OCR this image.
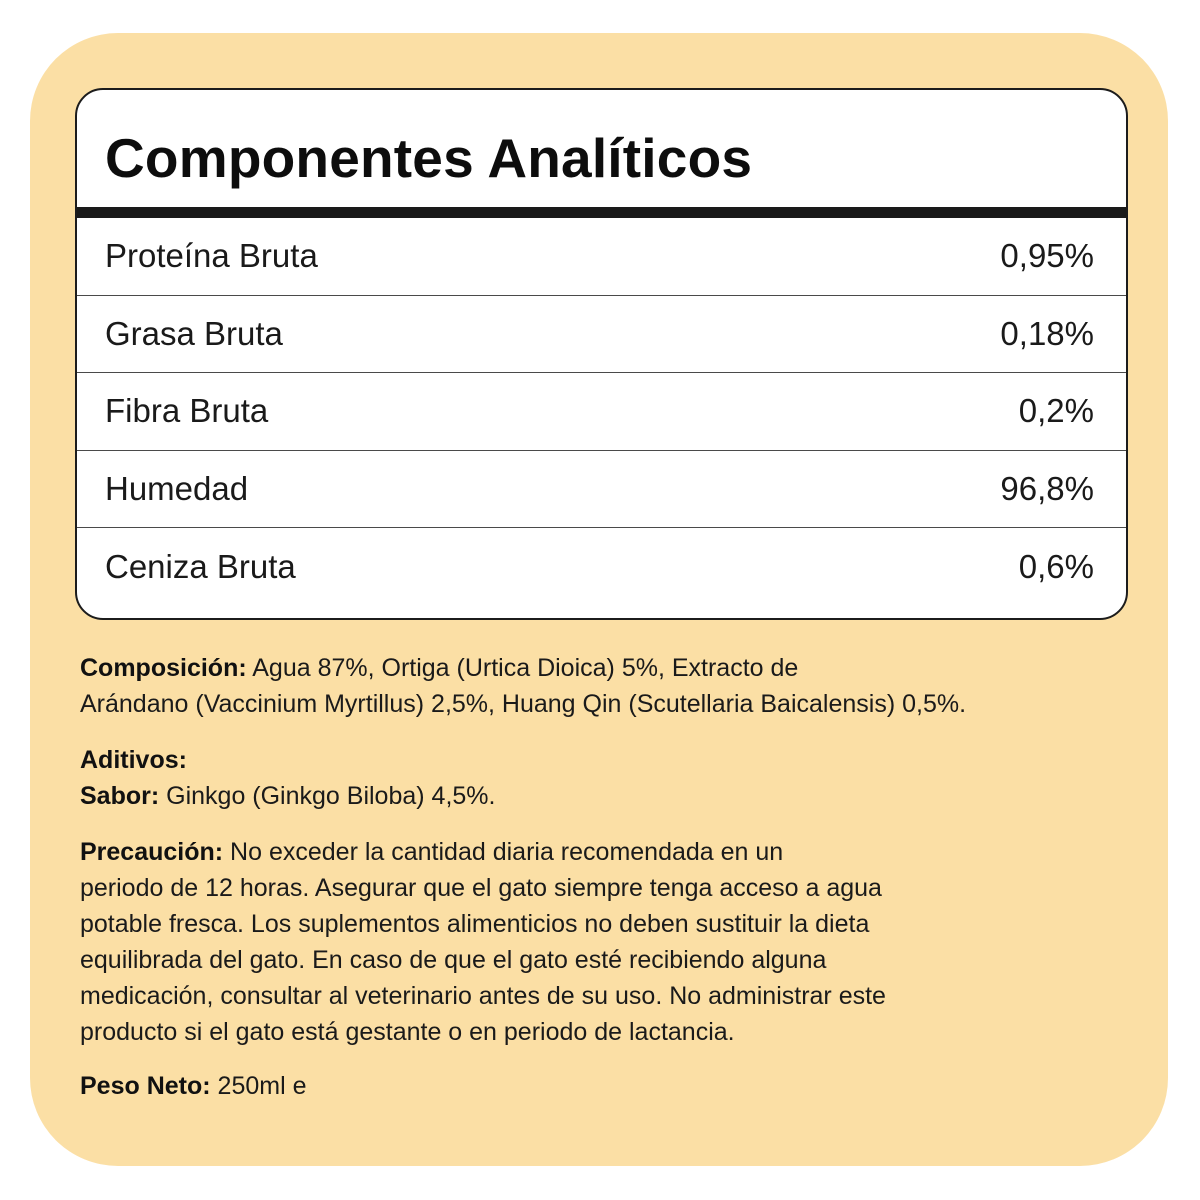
Componentes Analíticos
Proteína Bruta	0,95%
Grasa Bruta	0,18%
Fibra Bruta	0,2%
Humedad	96,8%
Ceniza Bruta	0,6%

Composición: Agua 87%, Ortiga (Urtica Dioica) 5%, Extracto de
Arándano (Vaccinium Myrtillus) 2,5%, Huang Qin (Scutellaria Baicalensis) 0,5%.

Aditivos:

Sabor: Ginkgo (Ginkgo Biloba) 4,5%.

Precaución: No exceder la cantidad diaria recomendada en un
periodo de 12 horas. Asegurar que el gato siempre tenga acceso a agua
potable fresca. Los suplementos alimenticios no deben sustituir la dieta
equilibrada del gato. En caso de que el gato esté recibiendo alguna
medicación, consultar al veterinario antes de su uso. No administrar este
producto si el gato está gestante o en periodo de lactancia.

Peso Neto: 250ml e
